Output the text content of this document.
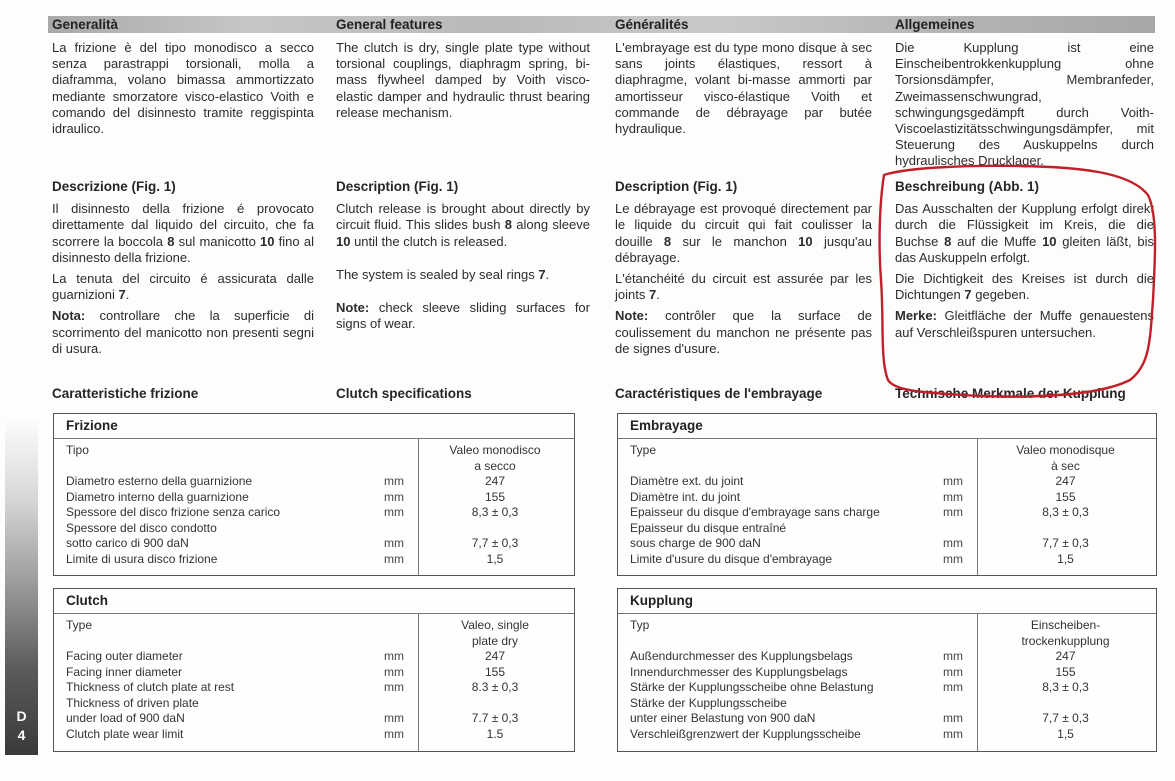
Generalità	General features	Généralités	Allgemeines
La frizione è del tipo monodisco a secco senza parastrappi torsionali, molla a diaframma, volano bimassa ammortizzato mediante smorzatore visco-elastico Voith e comando del disinnesto tramite reggispinta idraulico.
The clutch is dry, single plate type without torsional couplings, diaphragm spring, bi-mass flywheel damped by Voith visco-elastic damper and hydraulic thrust bearing release mechanism.
L'embrayage est du type mono disque à sec sans joints élastiques, ressort à diaphragme, volant bi-masse ammorti par amortisseur visco-élastique Voith et commande de débrayage par butée hydraulique.
Die Kupplung ist eine Einscheibentrokkenkupplung ohne Torsionsdämpfer, Membranfeder, Zweimassenschwungrad, schwingungsgedämpft durch Voith-Viscoelastizitätsschwingungsdämpfer, mit Steuerung des Auskuppelns durch hydraulisches Drucklager.
Descrizione (Fig. 1)

Il disinnesto della frizione é provocato direttamente dal liquido del circuito, che fa scorrere la boccola 8 sul manicotto 10 fino al disinnesto della frizione.

La tenuta del circuito é assicurata dalle guarnizioni 7.

Nota: controllare che la superficie di scorrimento del manicotto non presenti segni di usura.

Description (Fig. 1)

Clutch release is brought about directly by circuit fluid. This slides bush 8 along sleeve 10 until the clutch is released.

The system is sealed by seal rings 7.

Note: check sleeve sliding surfaces for signs of wear.

Description (Fig. 1)

Le débrayage est provoqué directement par le liquide du circuit qui fait coulisser la douille 8 sur le manchon 10 jusqu'au débrayage.

L'étanchéité du circuit est assurée par les joints 7.

Note: contrôler que la surface de coulissement du manchon ne présente pas de signes d'usure.

Beschreibung (Abb. 1)

Das Ausschalten der Kupplung erfolgt direkt durch die Flüssigkeit im Kreis, die die Buchse 8 auf die Muffe 10 gleiten läßt, bis das Auskuppeln erfolgt.

Die Dichtigkeit des Kreises ist durch die Dichtungen 7 gegeben.

Merke: Gleitfläche der Muffe genauestens auf Verschleißspuren untersuchen.

Caratteristiche frizione	Clutch specifications	Caractéristiques de l'embrayage	Technische Merkmale der Kupplung
Frizione
Tipo	Valeo monodisco
a secco
Diametro esterno della guarnizione	mm	247
Diametro interno della guarnizione	mm	155
Spessore del disco frizione senza carico	mm	8,3 ± 0,3
Spessore del disco condotto
sotto carico di 900 daN	mm	7,7 ± 0,3
Limite di usura disco frizione	mm	1,5
Clutch
Type	Valeo, single
plate dry
Facing outer diameter	mm	247
Facing inner diameter	mm	155
Thickness of clutch plate at rest	mm	8.3 ± 0,3
Thickness of driven plate
under load of 900 daN	mm	7.7 ± 0,3
Clutch plate wear limit	mm	1.5
Embrayage
Type	Valeo monodisque
à sec
Diamètre ext. du joint	mm	247
Diamètre int. du joint	mm	155
Epaisseur du disque d'embrayage sans charge	mm	8,3 ± 0,3
Epaisseur du disque entraîné
sous charge de 900 daN	mm	7,7 ± 0,3
Limite d'usure du disque d'embrayage	mm	1,5
Kupplung
Typ	Einscheiben-
trockenkupplung
Außendurchmesser des Kupplungsbelags	mm	247
Innendurchmesser des Kupplungsbelags	mm	155
Stärke der Kupplungsscheibe ohne Belastung	mm	8,3 ± 0,3
Stärke der Kupplungsscheibe
unter einer Belastung von 900 daN	mm	7,7 ± 0,3
Verschleißgrenzwert der Kupplungsscheibe	mm	1,5
D
4
